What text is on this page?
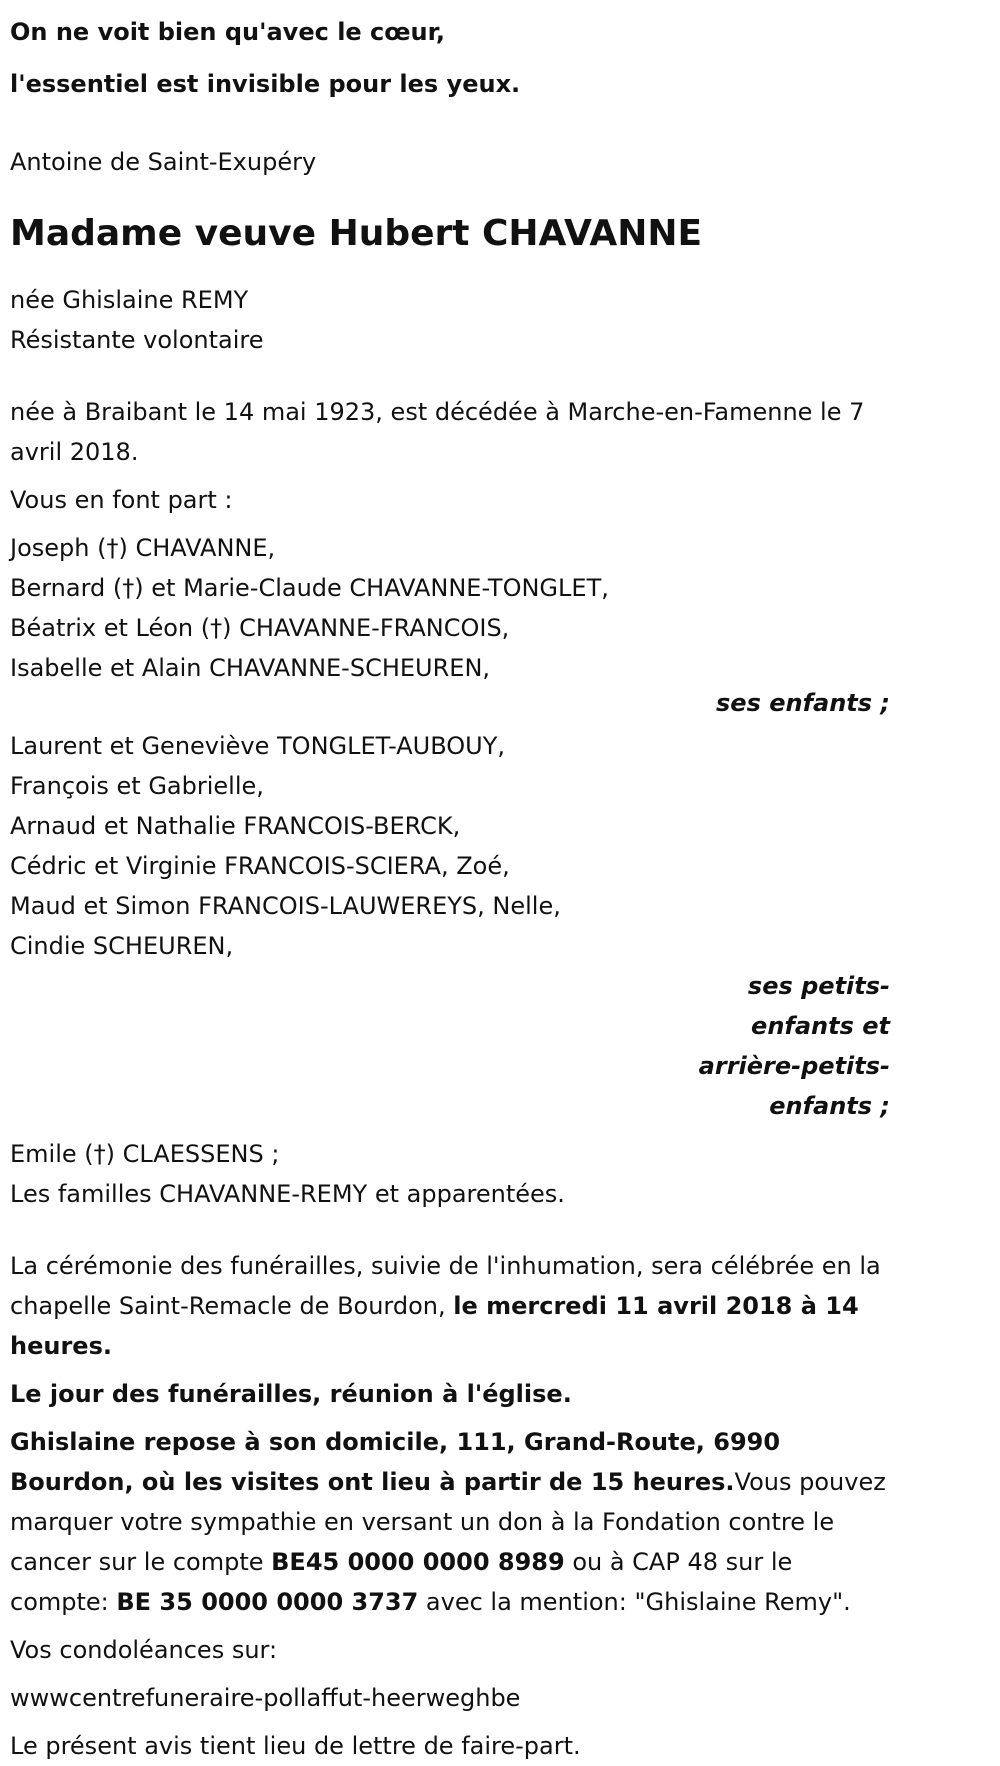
On ne voit bien qu'avec le cœur,
l'essentiel est invisible pour les yeux.
Antoine de Saint-Exupéry
Madame veuve Hubert CHAVANNE
née Ghislaine REMY
Résistante volontaire
née à Braibant le 14 mai 1923, est décédée à Marche-en-Famenne le 7 avril 2018.
Vous en font part :
Joseph (†) CHAVANNE,
Bernard (†) et Marie-Claude CHAVANNE-TONGLET,
Béatrix et Léon (†) CHAVANNE-FRANCOIS,
Isabelle et Alain CHAVANNE-SCHEUREN,
ses enfants ;
Laurent et Geneviève TONGLET-AUBOUY,
François et Gabrielle,
Arnaud et Nathalie FRANCOIS-BERCK,
Cédric et Virginie FRANCOIS-SCIERA, Zoé,
Maud et Simon FRANCOIS-LAUWEREYS, Nelle,
Cindie SCHEUREN,
ses petits-enfants et arrière-petits-enfants ;
Emile (†) CLAESSENS ;
Les familles CHAVANNE-REMY et apparentées.
La cérémonie des funérailles, suivie de l'inhumation, sera célébrée en la chapelle Saint-Remacle de Bourdon, le mercredi 11 avril 2018 à 14 heures.
Le jour des funérailles, réunion à l'église.
Ghislaine repose à son domicile, 111, Grand-Route, 6990 Bourdon, où les visites ont lieu à partir de 15 heures.Vous pouvez marquer votre sympathie en versant un don à la Fondation contre le cancer sur le compte BE45 0000 0000 8989 ou à CAP 48 sur le compte: BE 35 0000 0000 3737 avec la mention: "Ghislaine Remy".
Vos condoléances sur:
wwwcentrefuneraire-pollaffut-heerweghbe
Le présent avis tient lieu de lettre de faire-part.
